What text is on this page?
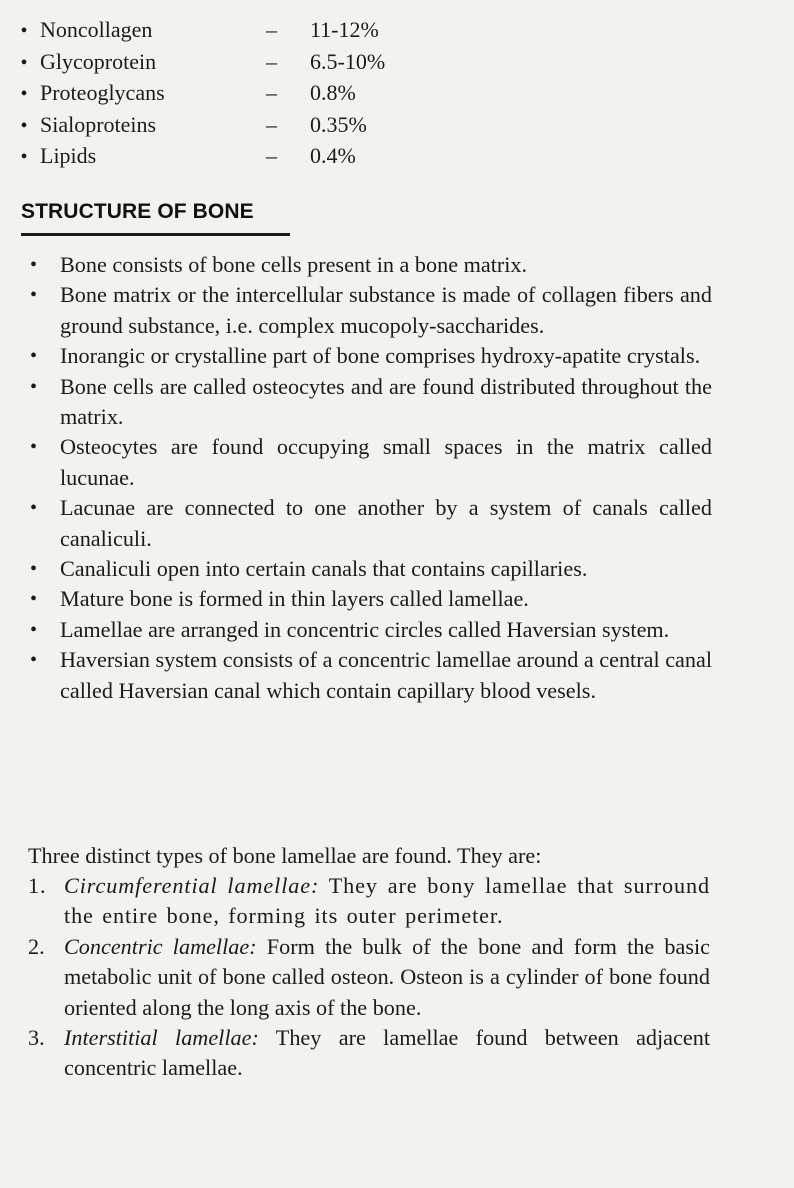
• Noncollagen	–	11-12%
• Glycoprotein	–	6.5-10%
• Proteoglycans	–	0.8%
• Sialoproteins	–	0.35%
• Lipids	–	0.4%
STRUCTURE OF BONE
• Bone consists of bone cells present in a bone matrix.
• Bone matrix or the intercellular substance is made of collagen fibers and ground substance, i.e. complex mucopoly-saccharides.
• Inorangic or crystalline part of bone comprises hydroxy-apatite crystals.
• Bone cells are called osteocytes and are found distributed throughout the matrix.
• Osteocytes are found occupying small spaces in the matrix called lucunae.
• Lacunae are connected to one another by a system of canals called canaliculi.
• Canaliculi open into certain canals that contains capillaries.
• Mature bone is formed in thin layers called lamellae.
• Lamellae are arranged in concentric circles called Haversian system.
• Haversian system consists of a concentric lamellae around a central canal called Haversian canal which contain capillary blood vesels.
Three distinct types of bone lamellae are found. They are:
1. Circumferential lamellae: They are bony lamellae that surround the entire bone, forming its outer perimeter.
2. Concentric lamellae: Form the bulk of the bone and form the basic metabolic unit of bone called osteon. Osteon is a cylinder of bone found oriented along the long axis of the bone.
3. Interstitial lamellae: They are lamellae found between adjacent concentric lamellae.
